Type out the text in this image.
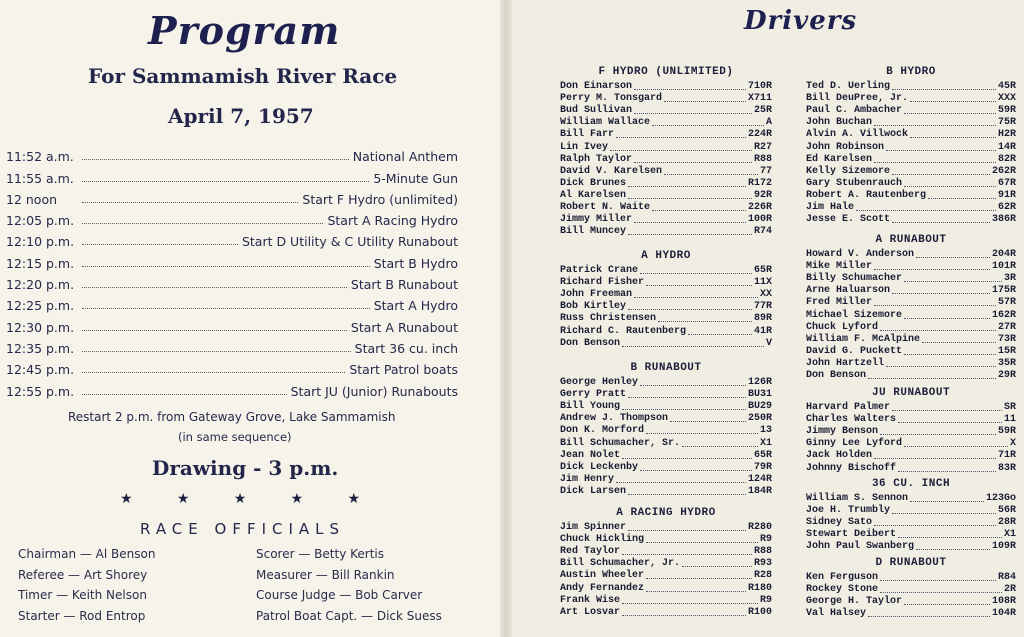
Program
For Sammamish River Race
April 7, 1957
11:52 a.m.	National Anthem
11:55 a.m.	5-Minute Gun
12 noon	Start F Hydro (unlimited)
12:05 p.m.	Start A Racing Hydro
12:10 p.m.	Start D Utility & C Utility Runabout
12:15 p.m.	Start B Hydro
12:20 p.m.	Start B Runabout
12:25 p.m.	Start A Hydro
12:30 p.m.	Start A Runabout
12:35 p.m.	Start 36 cu. inch
12:45 p.m.	Start Patrol boats
12:55 p.m.	Start JU (Junior) Runabouts
Restart 2 p.m. from Gateway Grove, Lake Sammamish
(in same sequence)
Drawing - 3 p.m.
★	★	★	★	★
RACE OFFICIALS
Chairman — Al Benson
Referee — Art Shorey
Timer — Keith Nelson
Starter — Rod Entrop
Scorer — Betty Kertis
Measurer — Bill Rankin
Course Judge — Bob Carver
Patrol Boat Capt. — Dick Suess
Drivers
F HYDRO (UNLIMITED)
Don Einarson	710R
Perry M. Tonsgard	X711
Bud Sullivan	25R
William Wallace	A
Bill Farr	224R
Lin Ivey	R27
Ralph Taylor	R88
David V. Karelsen	77
Dick Brunes	R172
Al Karelsen	92R
Robert N. Waite	226R
Jimmy Miller	100R
Bill Muncey	R74
A HYDRO
Patrick Crane	65R
Richard Fisher	11X
John Freeman	XX
Bob Kirtley	77R
Russ Christensen	89R
Richard C. Rautenberg	41R
Don Benson	V
B RUNABOUT
George Henley	126R
Gerry Pratt	BU31
Bill Young	BU29
Andrew J. Thompson	250R
Don K. Morford	13
Bill Schumacher, Sr.	X1
Jean Nolet	65R
Dick Leckenby	79R
Jim Henry	124R
Dick Larsen	184R
A RACING HYDRO
Jim Spinner	R280
Chuck Hickling	R9
Red Taylor	R88
Bill Schumacher, Jr.	R93
Austin Wheeler	R28
Andy Fernandez	R180
Frank Wise	R9
Art Losvar	R100
B HYDRO
Ted D. Uerling	45R
Bill DeuPree, Jr.	XXX
Paul C. Ambacher	59R
John Buchan	75R
Alvin A. Villwock	H2R
John Robinson	14R
Ed Karelsen	82R
Kelly Sizemore	262R
Gary Stubenrauch	67R
Robert A. Rautenberg	91R
Jim Hale	62R
Jesse E. Scott	386R
A RUNABOUT
Howard V. Anderson	204R
Mike Miller	101R
Billy Schumacher	3R
Arne Haluarson	175R
Fred Miller	57R
Michael Sizemore	162R
Chuck Lyford	27R
William F. McAlpine	73R
David G. Puckett	15R
John Hartzell	35R
Don Benson	29R
JU RUNABOUT
Harvard Palmer	SR
Charles Walters	11
Jimmy Benson	59R
Ginny Lee Lyford	X
Jack Holden	71R
Johnny Bischoff	83R
36 CU. INCH
William S. Sennon	123Go
Joe H. Trumbly	56R
Sidney Sato	28R
Stewart Deibert	X1
John Paul Swanberg	109R
D RUNABOUT
Ken Ferguson	R84
Rockey Stone	2R
George H. Taylor	108R
Val Halsey	104R
